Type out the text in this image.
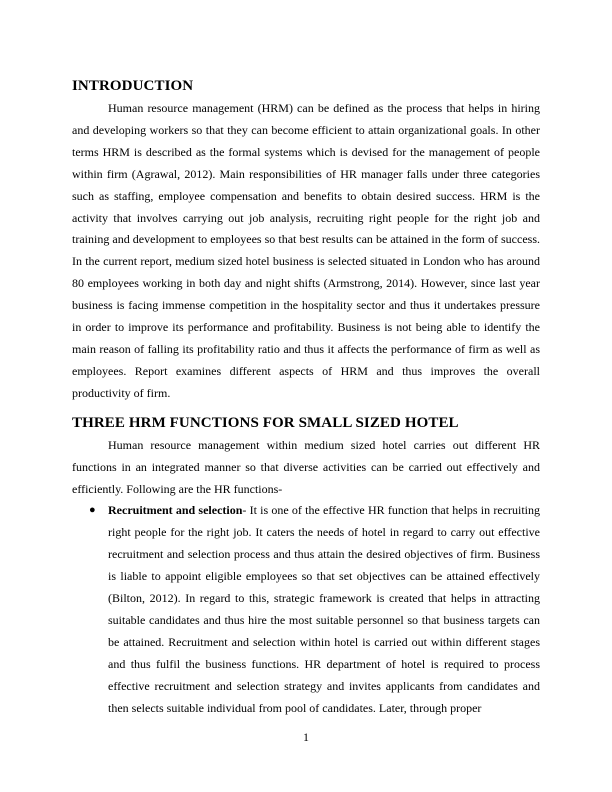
INTRODUCTION

Human resource management (HRM) can be defined as the process that helps in hiring and developing workers so that they can become efficient to attain organizational goals. In other terms HRM is described as the formal systems which is devised for the management of people within firm (Agrawal, 2012). Main responsibilities of HR manager falls under three categories such as staffing, employee compensation and benefits to obtain desired success. HRM is the activity that involves carrying out job analysis, recruiting right people for the right job and training and development to employees so that best results can be attained in the form of success. In the current report, medium sized hotel business is selected situated in London who has around 80 employees working in both day and night shifts (Armstrong, 2014). However, since last year business is facing immense competition in the hospitality sector and thus it undertakes pressure in order to improve its performance and profitability. Business is not being able to identify the main reason of falling its profitability ratio and thus it affects the performance of firm as well as employees. Report examines different aspects of HRM and thus improves the overall productivity of firm.

THREE HRM FUNCTIONS FOR SMALL SIZED HOTEL

Human resource management within medium sized hotel carries out different HR functions in an integrated manner so that diverse activities can be carried out effectively and efficiently. Following are the HR functions-

● Recruitment and selection- It is one of the effective HR function that helps in recruiting right people for the right job. It caters the needs of hotel in regard to carry out effective recruitment and selection process and thus attain the desired objectives of firm. Business is liable to appoint eligible employees so that set objectives can be attained effectively (Bilton, 2012). In regard to this, strategic framework is created that helps in attracting suitable candidates and thus hire the most suitable personnel so that business targets can be attained. Recruitment and selection within hotel is carried out within different stages and thus fulfil the business functions. HR department of hotel is required to process effective recruitment and selection strategy and invites applicants from candidates and then selects suitable individual from pool of candidates. Later, through proper
1
